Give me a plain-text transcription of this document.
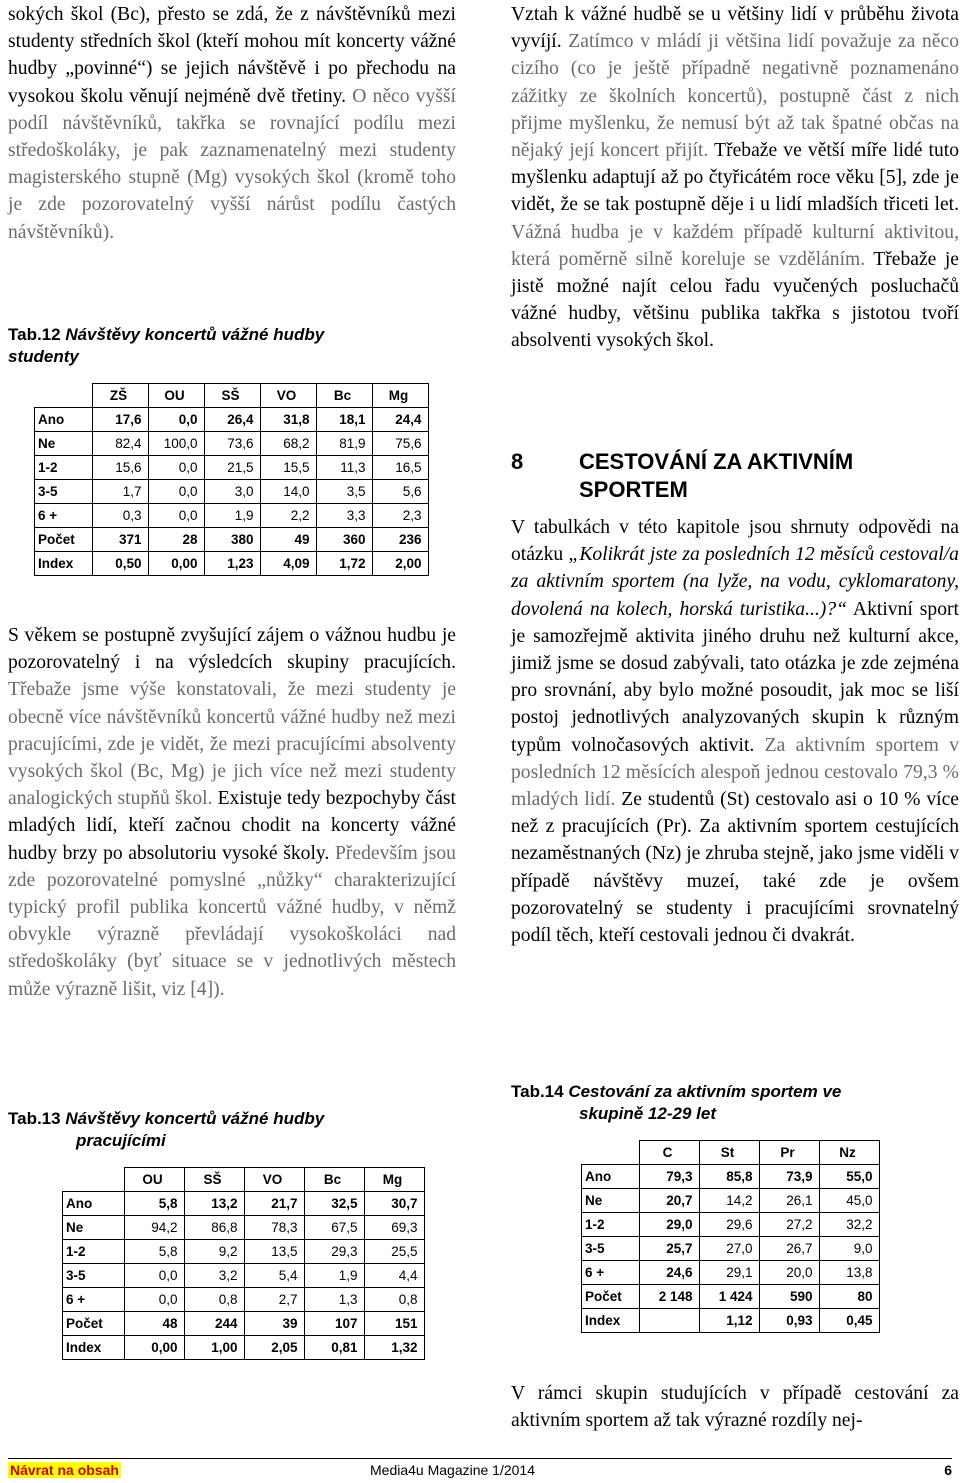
sokých škol (Bc), přesto se zdá, že z návštěvníků mezi studenty středních škol (kteří mohou mít koncerty vážné hudby „povinné“) se jejich návštěvě i po přechodu na vysokou školu věnují nejméně dvě třetiny. O něco vyšší podíl návštěvníků, takřka se rovnající podílu mezi středoškoláky, je pak zaznamenatelný mezi studenty magisterského stupně (Mg) vysokých škol (kromě toho je zde pozorovatelný vyšší nárůst podílu častých návštěvníků).

Tab.12 Návštěvy koncertů vážné hudby
studenty

S věkem se postupně zvyšující zájem o vážnou hudbu je pozorovatelný i na výsledcích skupiny pracujících. Třebaže jsme výše konstatovali, že mezi studenty je obecně více návštěvníků koncertů vážné hudby než mezi pracujícími, zde je vidět, že mezi pracujícími absolventy vysokých škol (Bc, Mg) je jich více než mezi studenty analogických stupňů škol. Existuje tedy bezpochyby část mladých lidí, kteří začnou chodit na koncerty vážné hudby brzy po absolutoriu vysoké školy. Především jsou zde pozorovatelné pomyslné „nůžky“ charakterizující typický profil publika koncertů vážné hudby, v němž obvykle výrazně převládají vysokoškoláci nad středoškoláky (byť situace se v jednotlivých městech může výrazně lišit, viz [4]).

Tab.13 Návštěvy koncertů vážné hudby

pracujícími
	ZŠ	OU	SŠ	VO	Bc	Mg
Ano	17,6	0,0	26,4	31,8	18,1	24,4
Ne	82,4	100,0	73,6	68,2	81,9	75,6
1-2	15,6	0,0	21,5	15,5	11,3	16,5
3-5	1,7	0,0	3,0	14,0	3,5	5,6
6 +	0,3	0,0	1,9	2,2	3,3	2,3
Počet	371	28	380	49	360	236
Index	0,50	0,00	1,23	4,09	1,72	2,00
	OU	SŠ	VO	Bc	Mg
Ano	5,8	13,2	21,7	32,5	30,7
Ne	94,2	86,8	78,3	67,5	69,3
1-2	5,8	9,2	13,5	29,3	25,5
3-5	0,0	3,2	5,4	1,9	4,4
6 +	0,0	0,8	2,7	1,3	0,8
Počet	48	244	39	107	151
Index	0,00	1,00	2,05	0,81	1,32

Vztah k vážné hudbě se u většiny lidí v průběhu života vyvíjí. Zatímco v mládí ji většina lidí považuje za něco cizího (co je ještě případně negativně poznamenáno zážitky ze školních koncertů), postupně část z nich přijme myšlenku, že nemusí být až tak špatné občas na nějaký její koncert přijít. Třebaže ve větší míře lidé tuto myšlenku adaptují až po čtyřicátém roce věku [5], zde je vidět, že se tak postupně děje i u lidí mladších třiceti let. Vážná hudba je v každém případě kulturní aktivitou, která poměrně silně koreluje se vzděláním. Třebaže je jistě možné najít celou řadu vyučených posluchačů vážné hudby, většinu publika takřka s jistotou tvoří absolventi vysokých škol.

V tabulkách v této kapitole jsou shrnuty odpovědi na otázku „Kolikrát jste za posledních 12 měsíců cestoval/a za aktivním sportem (na lyže, na vodu, cyklomaratony, dovolená na kolech, horská turistika...)?“ Aktivní sport je samozřejmě aktivita jiného druhu než kulturní akce, jimiž jsme se dosud zabývali, tato otázka je zde zejména pro srovnání, aby bylo možné posoudit, jak moc se liší postoj jednotlivých analyzovaných skupin k různým typům volnočasových aktivit. Za aktivním sportem v posledních 12 měsících alespoň jednou cestovalo 79,3 % mladých lidí. Ze studentů (St) cestovalo asi o 10 % více než z pracujících (Pr). Za aktivním sportem cestujících nezaměstnaných (Nz) je zhruba stejně, jako jsme viděli v případě návštěvy muzeí, také zde je ovšem pozorovatelný se studenty i pracujícími srovnatelný podíl těch, kteří cestovali jednou či dvakrát.

Tab.14 Cestování za aktivním sportem ve

skupině 12-29 let

V rámci skupin studujících v případě cestování za aktivním sportem až tak výrazné rozdíly nej-

8	CESTOVÁNÍ ZA AKTIVNÍM SPORTEM
	C	St	Pr	Nz
Ano	79,3	85,8	73,9	55,0
Ne	20,7	14,2	26,1	45,0
1-2	29,0	29,6	27,2	32,2
3-5	25,7	27,0	26,7	9,0
6 +	24,6	29,1	20,0	13,8
Počet	2 148	1 424	590	80
Index		1,12	0,93	0,45
Návrat na obsah	Media4u Magazine 1/2014	6
